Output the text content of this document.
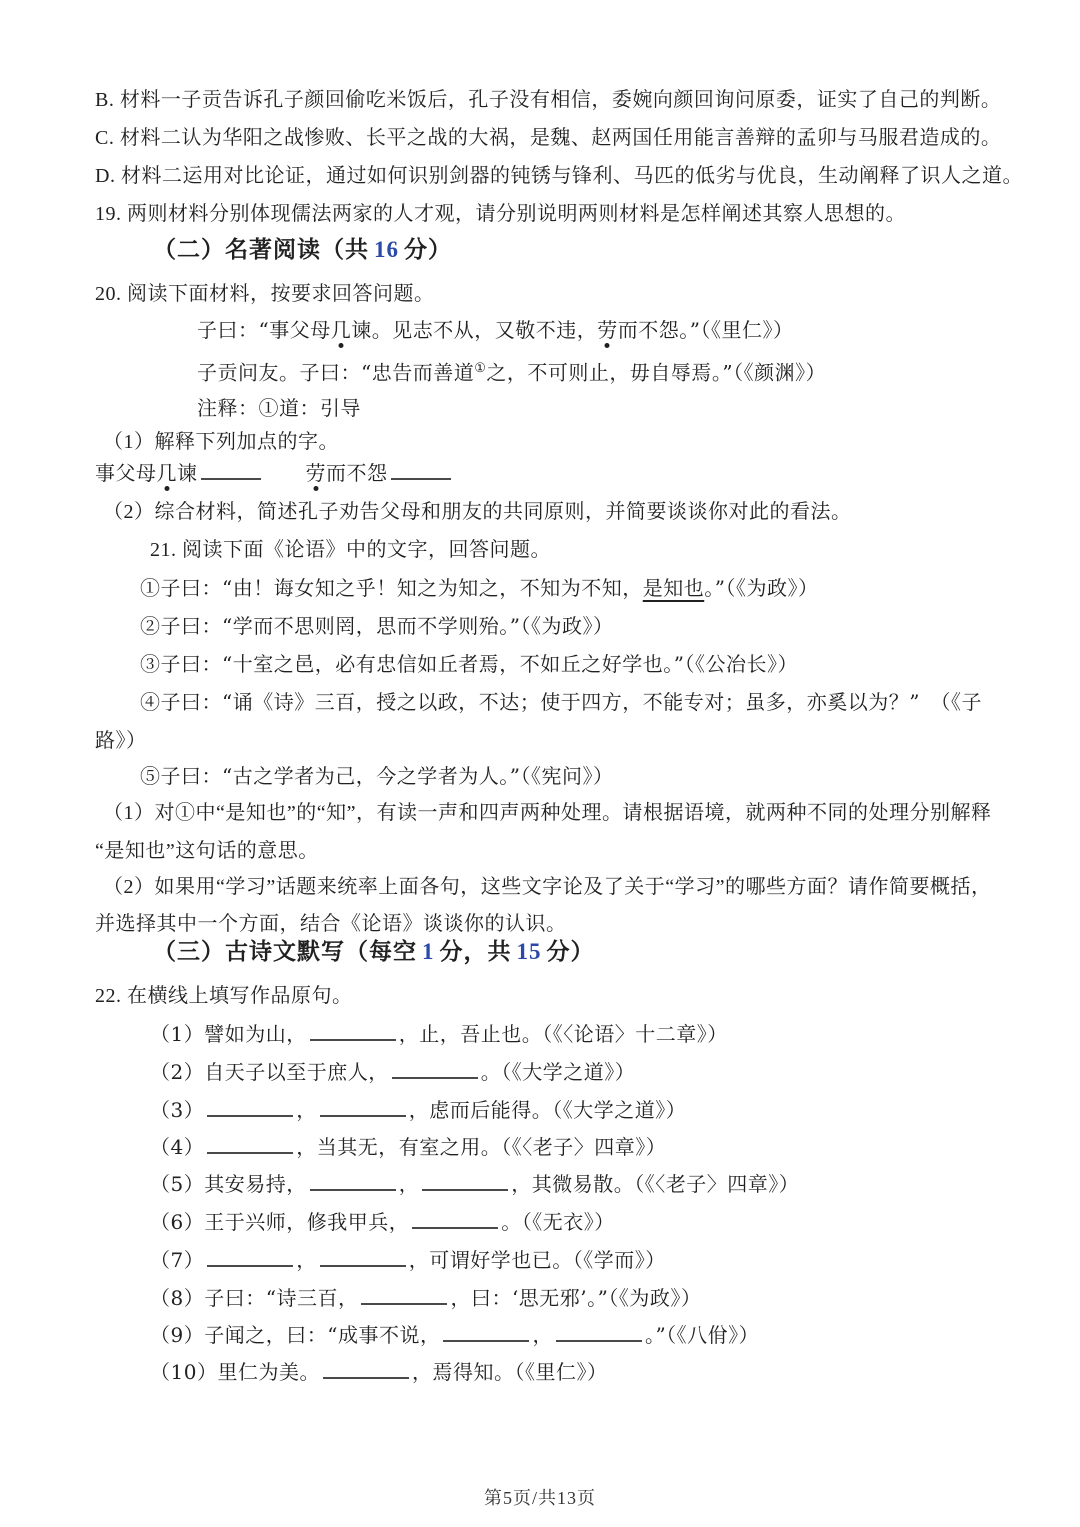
B. 材料一子贡告诉孔子颜回偷吃米饭后，孔子没有相信，委婉向颜回询问原委，证实了自己的判断。
C. 材料二认为华阳之战惨败、长平之战的大祸，是魏、赵两国任用能言善辩的孟卯与马服君造成的。
D. 材料二运用对比论证，通过如何识别剑器的钝锈与锋利、马匹的低劣与优良，生动阐释了识人之道。
19. 两则材料分别体现儒法两家的人才观，请分别说明两则材料是怎样阐述其察人思想的。
（二）名著阅读（共 16 分）
20. 阅读下面材料，按要求回答问题。
子曰：“事父母几谏。见志不从，又敬不违，劳而不怨。”（《里仁》）
子贡问友。子曰：“忠告而善道①之，不可则止，毋自辱焉。”（《颜渊》）
注释：①道：引导
（1）解释下列加点的字。
事父母几谏	劳而不怨
（2）综合材料，简述孔子劝告父母和朋友的共同原则，并简要谈谈你对此的看法。
21. 阅读下面《论语》中的文字，回答问题。
①子曰：“由！诲女知之乎！知之为知之，不知为不知，是知也。”（《为政》）
②子曰：“学而不思则罔，思而不学则殆。”（《为政》）
③子曰：“十室之邑，必有忠信如丘者焉，不如丘之好学也。”（《公冶长》）
④子曰：“诵《诗》三百，授之以政，不达；使于四方，不能专对；虽多，亦奚以为？”　（《子
路》）
⑤子曰：“古之学者为己，今之学者为人。”（《宪问》）
（1）对①中“是知也”的“知”，有读一声和四声两种处理。请根据语境，就两种不同的处理分别解释
“是知也”这句话的意思。
（2）如果用“学习”话题来统率上面各句，这些文字论及了关于“学习”的哪些方面？请作简要概括，
并选择其中一个方面，结合《论语》谈谈你的认识。
（三）古诗文默写（每空 1 分，共 15 分）
22. 在横线上填写作品原句。
（1）譬如为山，	，止，吾止也。（《〈论语〉十二章》）
（2）自天子以至于庶人，	。（《大学之道》）
（3）	，	，虑而后能得。（《大学之道》）
（4）	，当其无，有室之用。（《〈老子〉四章》）
（5）其安易持，	，	，其微易散。（《〈老子〉四章》）
（6）王于兴师，修我甲兵，	。（《无衣》）
（7）	，	，可谓好学也已。（《学而》）
（8）子曰：“诗三百，	，曰：‘思无邪’。”（《为政》）
（9）子闻之，曰：“成事不说，	，	。”（《八佾》）
（10）里仁为美。	，焉得知。（《里仁》）
第5页/共13页
